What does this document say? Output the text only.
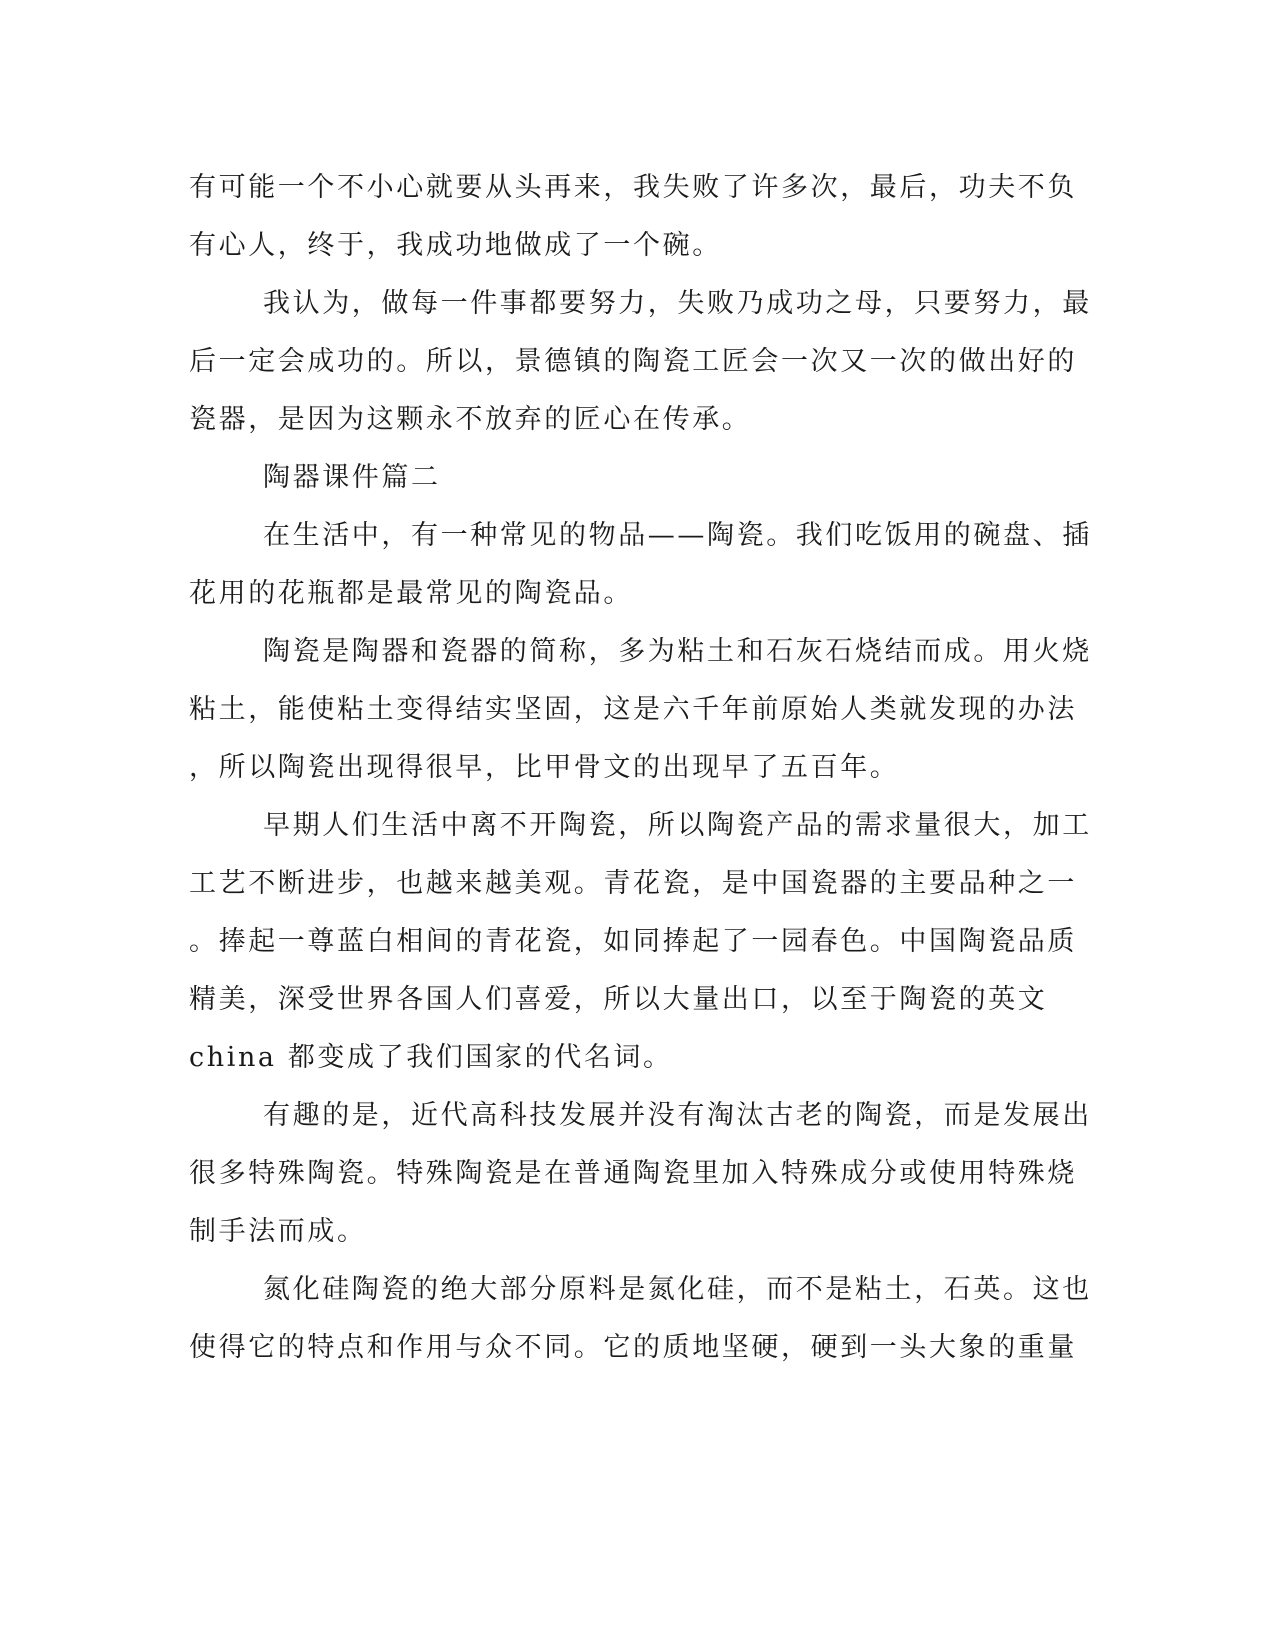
有可能一个不小心就要从头再来，我失败了许多次，最后，功夫不负
有心人，终于，我成功地做成了一个碗。
我认为，做每一件事都要努力，失败乃成功之母，只要努力，最
后一定会成功的。所以，景德镇的陶瓷工匠会一次又一次的做出好的
瓷器，是因为这颗永不放弃的匠心在传承。
陶器课件篇二
在生活中，有一种常见的物品——陶瓷。我们吃饭用的碗盘、插
花用的花瓶都是最常见的陶瓷品。
陶瓷是陶器和瓷器的简称，多为粘土和石灰石烧结而成。用火烧
粘土，能使粘土变得结实坚固，这是六千年前原始人类就发现的办法
，所以陶瓷出现得很早，比甲骨文的出现早了五百年。
早期人们生活中离不开陶瓷，所以陶瓷产品的需求量很大，加工
工艺不断进步，也越来越美观。青花瓷，是中国瓷器的主要品种之一
。捧起一尊蓝白相间的青花瓷，如同捧起了一园春色。中国陶瓷品质
精美，深受世界各国人们喜爱，所以大量出口，以至于陶瓷的英文
china 都变成了我们国家的代名词。
有趣的是，近代高科技发展并没有淘汰古老的陶瓷，而是发展出
很多特殊陶瓷。特殊陶瓷是在普通陶瓷里加入特殊成分或使用特殊烧
制手法而成。
氮化硅陶瓷的绝大部分原料是氮化硅，而不是粘土，石英。这也
使得它的特点和作用与众不同。它的质地坚硬，硬到一头大象的重量
